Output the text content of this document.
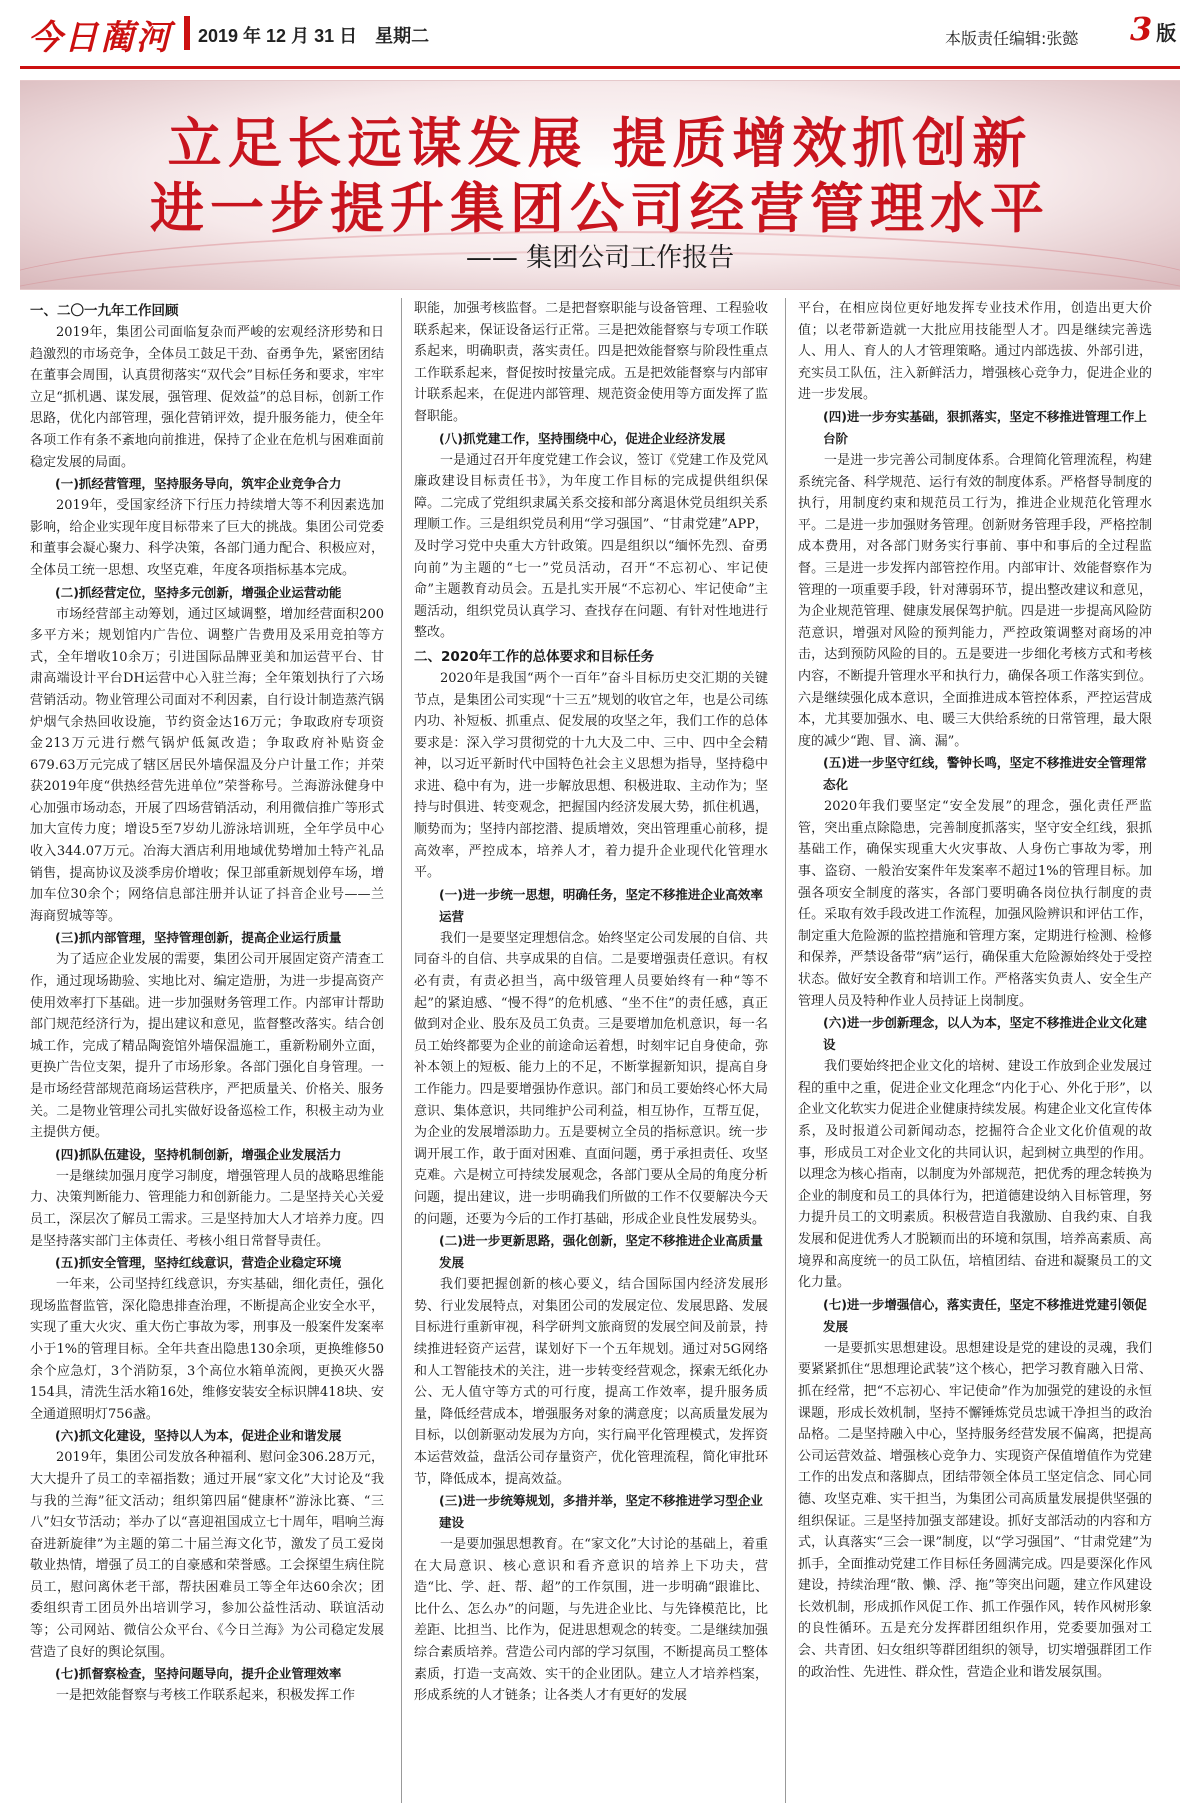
今日蔺河 2019 年 12 月 31 日　星期二	本版责任编辑:张懿 3 版
立足长远谋发展 提质增效抓创新
进一步提升集团公司经营管理水平
—— 集团公司工作报告
一、二〇一九年工作回顾
2019年，集团公司面临复杂而严峻的宏观经济形势和日趋激烈的市场竞争，全体员工鼓足干劲、奋勇争先，紧密团结在董事会周围，认真贯彻落实“双代会”目标任务和要求，牢牢立足“抓机遇、谋发展，强管理、促效益”的总目标，创新工作思路，优化内部管理，强化营销评效，提升服务能力，使全年各项工作有条不紊地向前推进，保持了企业在危机与困难面前稳定发展的局面。
(一)抓经营管理，坚持服务导向，筑牢企业竞争合力
2019年，受国家经济下行压力持续增大等不利因素选加影响，给企业实现年度目标带来了巨大的挑战。集团公司党委和董事会凝心聚力、科学决策，各部门通力配合、积极应对，全体员工统一思想、攻坚克难，年度各项指标基本完成。
(二)抓经营定位，坚持多元创新，增强企业运营动能
市场经营部主动筹划，通过区域调整，增加经营面积200多平方米；规划馆内广告位、调整广告费用及采用竞拍等方式，全年增收10余万；引进国际品牌亚美和加运营平台、甘肃高端设计平台DH运营中心入驻兰海；全年策划执行了六场营销活动。物业管理公司面对不利因素，自行设计制造蒸汽锅炉烟气余热回收设施，节约资金达16万元；争取政府专项资金213万元进行燃气锅炉低氮改造；争取政府补贴资金679.63万元完成了辖区居民外墙保温及分户计量工作；并荣获2019年度“供热经营先进单位”荣誉称号。兰海游泳健身中心加强市场动态，开展了四场营销活动，利用微信推广等形式加大宣传力度；增设5至7岁幼儿游泳培训班，全年学员中心收入344.07万元。冶海大酒店利用地域优势增加土特产礼品销售，提高协议及淡季房价增收；保卫部重新规划停车场，增加车位30余个；网络信息部注册并认证了抖音企业号——兰海商贸城等等。
(三)抓内部管理，坚持管理创新，提高企业运行质量
为了适应企业发展的需要，集团公司开展固定资产清查工作，通过现场勘验、实地比对、编定造册，为进一步提高资产使用效率打下基础。进一步加强财务管理工作。内部审计帮助部门规范经济行为，提出建议和意见，监督整改落实。结合创城工作，完成了精品陶瓷馆外墙保温施工，重新粉刷外立面，更换广告位支架，提升了市场形象。各部门强化自身管理。一是市场经营部规范商场运营秩序，严把质量关、价格关、服务关。二是物业管理公司扎实做好设备巡检工作，积极主动为业主提供方便。
(四)抓队伍建设，坚持机制创新，增强企业发展活力
一是继续加强月度学习制度，增强管理人员的战略思维能力、决策判断能力、管理能力和创新能力。二是坚持关心关爱员工，深层次了解员工需求。三是坚持加大人才培养力度。四是坚持落实部门主体责任、考核小组日常督导责任。
(五)抓安全管理，坚持红线意识，营造企业稳定环境
一年来，公司坚持红线意识，夯实基础，细化责任，强化现场监督监管，深化隐患排查治理，不断提高企业安全水平，实现了重大火灾、重大伤亡事故为零，刑事及一般案件发案率小于1%的管理目标。全年共查出隐患130余项，更换维修50余个应急灯，3个消防泵，3个高位水箱单流阀，更换灭火器154具，清洗生活水箱16处，维修安装安全标识牌418块、安全通道照明灯756盏。
(六)抓文化建设，坚持以人为本，促进企业和谐发展
2019年，集团公司发放各种福利、慰问金306.28万元，大大提升了员工的幸福指数；通过开展“家文化”大讨论及“我与我的兰海”征文活动；组织第四届“健康杯”游泳比赛、“三八”妇女节活动；举办了以“喜迎祖国成立七十周年，唱响兰海奋进新旋律”为主题的第二十届兰海文化节，激发了员工爱岗敬业热情，增强了员工的自豪感和荣誉感。工会探望生病住院员工，慰问离休老干部，帮扶困难员工等全年达60余次；团委组织青工团员外出培训学习，参加公益性活动、联谊活动等；公司网站、微信公众平台、《今日兰海》为公司稳定发展营造了良好的舆论氛围。
(七)抓督察检查，坚持问题导向，提升企业管理效率
一是把效能督察与考核工作联系起来，积极发挥工作
职能，加强考核监督。二是把督察职能与设备管理、工程验收联系起来，保证设备运行正常。三是把效能督察与专项工作联系起来，明确职责，落实责任。四是把效能督察与阶段性重点工作联系起来，督促按时按量完成。五是把效能督察与内部审计联系起来，在促进内部管理、规范资金使用等方面发挥了监督职能。
(八)抓党建工作，坚持围绕中心，促进企业经济发展
一是通过召开年度党建工作会议，签订《党建工作及党风廉政建设目标责任书》，为年度工作目标的完成提供组织保障。二完成了党组织隶属关系交接和部分离退休党员组织关系理顺工作。三是组织党员利用“学习强国”、“甘肃党建”APP，及时学习党中央重大方针政策。四是组织以“缅怀先烈、奋勇向前”为主题的“七一”党员活动，召开“不忘初心、牢记使命”主题教育动员会。五是扎实开展“不忘初心、牢记使命”主题活动，组织党员认真学习、查找存在问题、有针对性地进行整改。
二、2020年工作的总体要求和目标任务
2020年是我国“两个一百年”奋斗目标历史交汇期的关键节点，是集团公司实现“十三五”规划的收官之年，也是公司练内功、补短板、抓重点、促发展的攻坚之年，我们工作的总体要求是：深入学习贯彻党的十九大及二中、三中、四中全会精神，以习近平新时代中国特色社会主义思想为指导，坚持稳中求进、稳中有为，进一步解放思想、积极进取、主动作为；坚持与时俱进、转变观念，把握国内经济发展大势，抓住机遇，顺势而为；坚持内部挖潜、提质增效，突出管理重心前移，提高效率，严控成本，培养人才，着力提升企业现代化管理水平。
(一)进一步统一思想，明确任务，坚定不移推进企业高效率运营
我们一是要坚定理想信念。始终坚定公司发展的自信、共同奋斗的自信、共享成果的自信。二是要增强责任意识。有权必有责，有责必担当，高中级管理人员要始终有一种“等不起”的紧迫感、“慢不得”的危机感、“坐不住”的责任感，真正做到对企业、股东及员工负责。三是要增加危机意识，每一名员工始终都要为企业的前途命运着想，时刻牢记自身使命，弥补本领上的短板、能力上的不足，不断掌握新知识，提高自身工作能力。四是要增强协作意识。部门和员工要始终心怀大局意识、集体意识，共同维护公司利益，相互协作，互帮互促，为企业的发展增添助力。五是要树立全员的指标意识。统一步调开展工作，敢于面对困难、直面问题，勇于承担责任、攻坚克难。六是树立可持续发展观念，各部门要从全局的角度分析问题，提出建议，进一步明确我们所做的工作不仅要解决今天的问题，还要为今后的工作打基础，形成企业良性发展势头。
(二)进一步更新思路，强化创新，坚定不移推进企业高质量发展
我们要把握创新的核心要义，结合国际国内经济发展形势、行业发展特点，对集团公司的发展定位、发展思路、发展目标进行重新审视，科学研判文旅商贸的发展空间及前景，持续推进轻资产运营，谋划好下一个五年规划。通过对5G网络和人工智能技术的关注，进一步转变经营观念，探索无纸化办公、无人值守等方式的可行度，提高工作效率，提升服务质量，降低经营成本，增强服务对象的满意度；以高质量发展为目标，以创新驱动发展为方向，实行扁平化管理模式，发挥资本运营效益，盘活公司存量资产，优化管理流程，简化审批环节，降低成本，提高效益。
(三)进一步统筹规划，多措并举，坚定不移推进学习型企业建设
一是要加强思想教育。在“家文化”大讨论的基础上，着重在大局意识、核心意识和看齐意识的培养上下功夫，营造“比、学、赶、帮、超”的工作氛围，进一步明确“跟谁比、比什么、怎么办”的问题，与先进企业比、与先锋模范比，比差距、比担当、比作为，促进思想观念的转变。二是继续加强综合素质培养。营造公司内部的学习氛围，不断提高员工整体素质，打造一支高效、实干的企业团队。建立人才培养档案，形成系统的人才链条；让各类人才有更好的发展
平台，在相应岗位更好地发挥专业技术作用，创造出更大价值；以老带新造就一大批应用技能型人才。四是继续完善选人、用人、育人的人才管理策略。通过内部选拔、外部引进，充实员工队伍，注入新鲜活力，增强核心竞争力，促进企业的进一步发展。
(四)进一步夯实基础，狠抓落实，坚定不移推进管理工作上台阶
一是进一步完善公司制度体系。合理简化管理流程，构建系统完备、科学规范、运行有效的制度体系。严格督导制度的执行，用制度约束和规范员工行为，推进企业规范化管理水平。二是进一步加强财务管理。创新财务管理手段，严格控制成本费用，对各部门财务实行事前、事中和事后的全过程监督。三是进一步发挥内部管控作用。内部审计、效能督察作为管理的一项重要手段，针对薄弱环节，提出整改建议和意见，为企业规范管理、健康发展保驾护航。四是进一步提高风险防范意识，增强对风险的预判能力，严控政策调整对商场的冲击，达到预防风险的目的。五是要进一步细化考核方式和考核内容，不断提升管理水平和执行力，确保各项工作落实到位。六是继续强化成本意识，全面推进成本管控体系，严控运营成本，尤其要加强水、电、暖三大供给系统的日常管理，最大限度的减少“跑、冒、滴、漏”。
(五)进一步坚守红线，警钟长鸣，坚定不移推进安全管理常态化
2020年我们要坚定“安全发展”的理念，强化责任严监管，突出重点除隐患，完善制度抓落实，坚守安全红线，狠抓基础工作，确保实现重大火灾事故、人身伤亡事故为零，刑事、盗窃、一般治安案件年发案率不超过1%的管理目标。加强各项安全制度的落实，各部门要明确各岗位执行制度的责任。采取有效手段改进工作流程，加强风险辨识和评估工作，制定重大危险源的监控措施和管理方案，定期进行检测、检修和保养，严禁设备带“病”运行，确保重大危险源始终处于受控状态。做好安全教育和培训工作。严格落实负责人、安全生产管理人员及特种作业人员持证上岗制度。
(六)进一步创新理念，以人为本，坚定不移推进企业文化建设
我们要始终把企业文化的培树、建设工作放到企业发展过程的重中之重，促进企业文化理念“内化于心、外化于形”，以企业文化软实力促进企业健康持续发展。构建企业文化宣传体系，及时报道公司新闻动态，挖掘符合企业文化价值观的故事，形成员工对企业文化的共同认识，起到树立典型的作用。以理念为核心指南，以制度为外部规范，把优秀的理念转换为企业的制度和员工的具体行为，把道德建设纳入目标管理，努力提升员工的文明素质。积极营造自我激励、自我约束、自我发展和促进优秀人才脱颖而出的环境和氛围，培养高素质、高境界和高度统一的员工队伍，培植团结、奋进和凝聚员工的文化力量。
(七)进一步增强信心，落实责任，坚定不移推进党建引领促发展
一是要抓实思想建设。思想建设是党的建设的灵魂，我们要紧紧抓住“思想理论武装”这个核心，把学习教育融入日常、抓在经常，把“不忘初心、牢记使命”作为加强党的建设的永恒课题，形成长效机制，坚持不懈锤炼党员忠诚干净担当的政治品格。二是坚持融入中心，坚持服务经营发展不偏离，把提高公司运营效益、增强核心竞争力、实现资产保值增值作为党建工作的出发点和落脚点，团结带领全体员工坚定信念、同心同德、攻坚克难、实干担当，为集团公司高质量发展提供坚强的组织保证。三是坚持加强支部建设。抓好支部活动的内容和方式，认真落实“三会一课”制度，以“学习强国”、“甘肃党建”为抓手，全面推动党建工作目标任务圆满完成。四是要深化作风建设，持续治理“散、懒、浮、拖”等突出问题，建立作风建设长效机制，形成抓作风促工作、抓工作强作风，转作风树形象的良性循环。五是充分发挥群团组织作用，党委要加强对工会、共青团、妇女组织等群团组织的领导，切实增强群团工作的政治性、先进性、群众性，营造企业和谐发展氛围。
